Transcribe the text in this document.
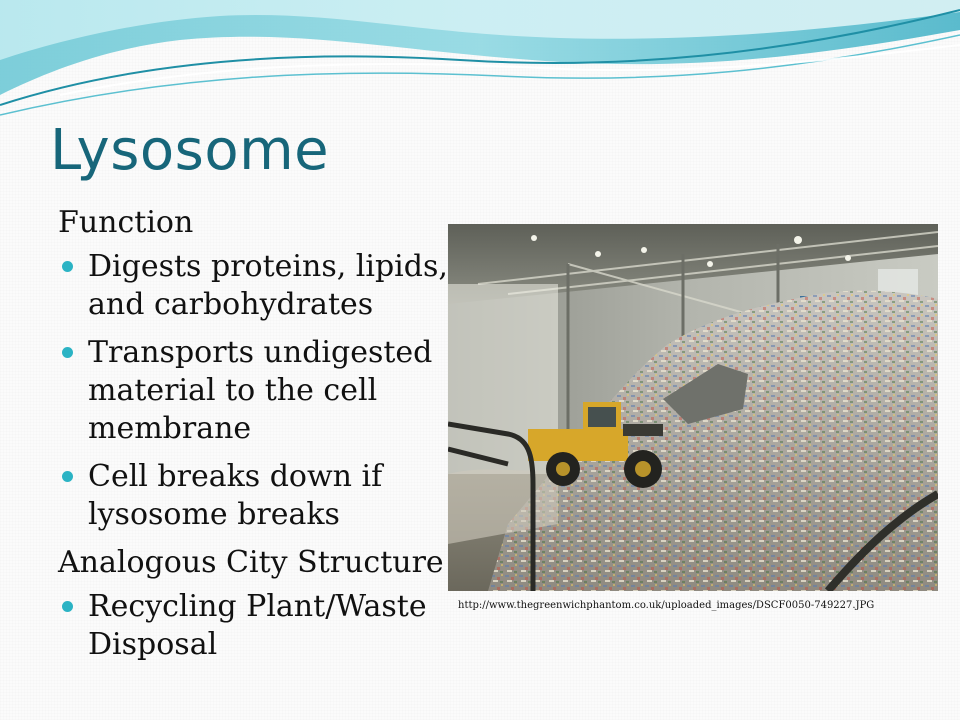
Lysosome
Function
Digests proteins, lipids, and carbohydrates
Transports undigested material to the cell membrane
Cell breaks down if lysosome breaks
Analogous City Structure
Recycling Plant/Waste Disposal
http://www.thegreenwichphantom.co.uk/uploaded_images/DSCF0050-749227.JPG
